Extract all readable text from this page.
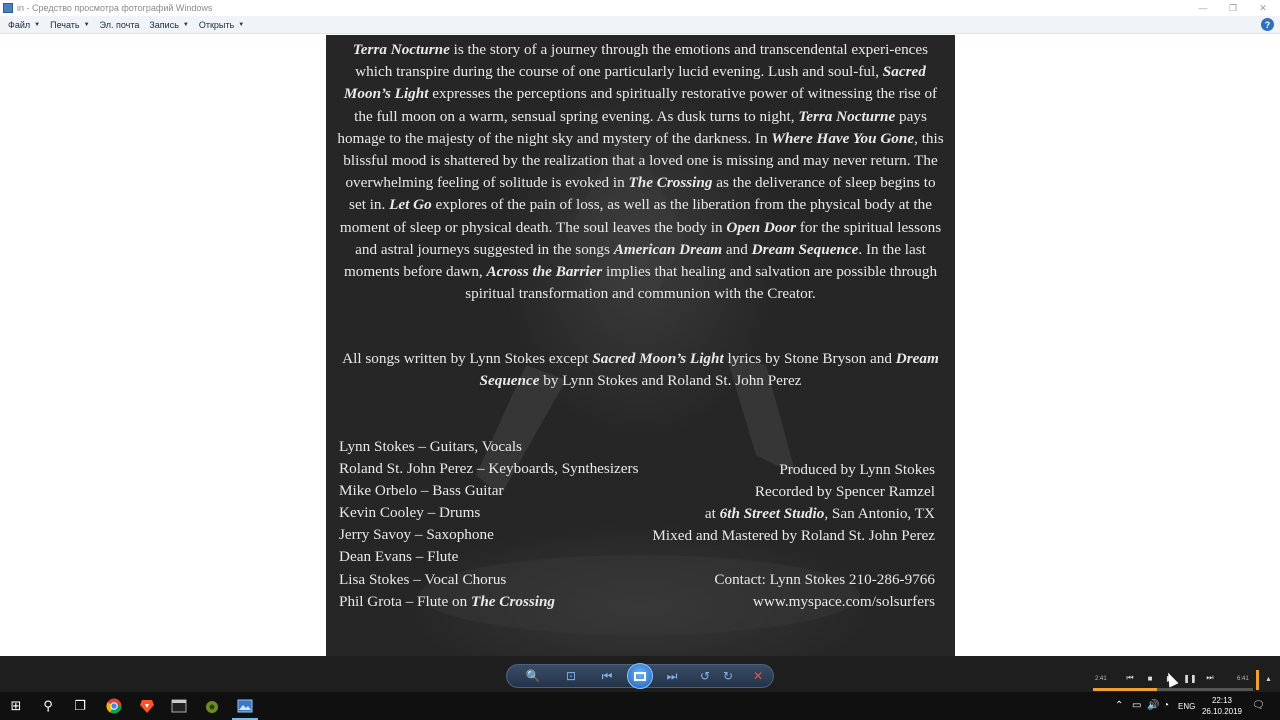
in - Средство просмотра фотографий Windows	—	❐	✕
Файл ▼ Печать ▼ Эл. почта Запись ▼ Открыть ▼	?
Terra Nocturne is the story of a journey through the emotions and transcendental experi-ences which transpire during the course of one particularly lucid evening. Lush and soul-ful, Sacred Moon’s Light expresses the perceptions and spiritually restorative power of witnessing the rise of the full moon on a warm, sensual spring evening. As dusk turns to night, Terra Nocturne pays homage to the majesty of the night sky and mystery of the darkness. In Where Have You Gone, this blissful mood is shattered by the realization that a loved one is missing and may never return. The overwhelming feeling of solitude is evoked in The Crossing as the deliverance of sleep begins to set in. Let Go explores of the pain of loss, as well as the liberation from the physical body at the moment of sleep or physical death. The soul leaves the body in Open Door for the spiritual lessons and astral journeys suggested in the songs American Dream and Dream Sequence. In the last moments before dawn, Across the Barrier implies that healing and salvation are possible through spiritual transformation and communion with the Creator.
All songs written by Lynn Stokes except Sacred Moon’s Light lyrics by Stone Bryson and Dream Sequence by Lynn Stokes and Roland St. John Perez
Lynn Stokes – Guitars, Vocals
Roland St. John Perez – Keyboards, Synthesizers
Mike Orbelo – Bass Guitar
Kevin Cooley – Drums
Jerry Savoy – Saxophone
Dean Evans – Flute
Lisa Stokes – Vocal Chorus
Phil Grota – Flute on The Crossing
Produced by Lynn Stokes
Recorded by Spencer Ramzel
at 6th Street Studio, San Antonio, TX
Mixed and Mastered by Roland St. John Perez
Contact: Lynn Stokes 210-286-9766
www.myspace.com/solsurfers
🔍	⊡	⏮	⏭	↺	↻	✕	2:41 ⏮	■	▶	❚❚ ⏭	6:41 ▲
⊞	⚲	❐	⌃ ▭ 🔊 ◔ ENG
22:13
26.10.2019
🗨
